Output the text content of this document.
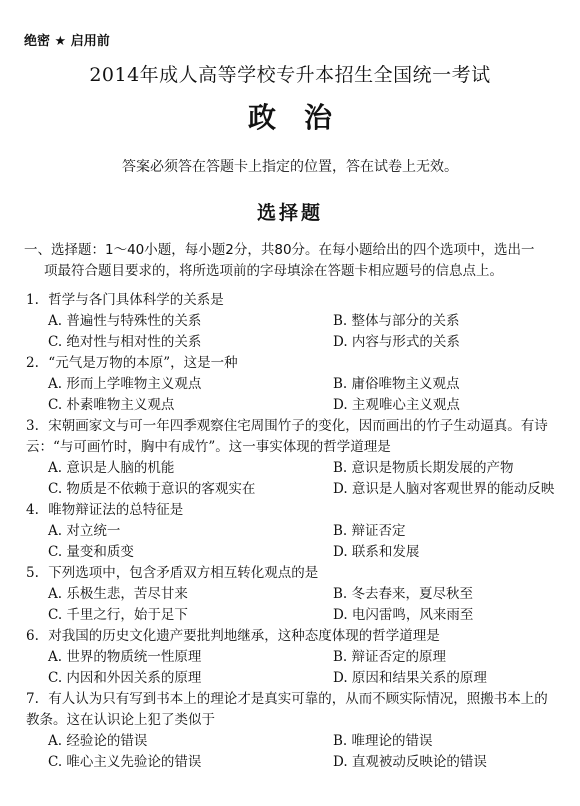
绝密 ★ 启用前
2014年成人高等学校专升本招生全国统一考试
政治
答案必须答在答题卡上指定的位置，答在试卷上无效。
选择题
一、选择题：1～40小题，每小题2分，共80分。在每小题给出的四个选项中，选出一
项最符合题目要求的，将所选项前的字母填涂在答题卡相应题号的信息点上。
1. 哲学与各门具体科学的关系是
A. 普遍性与特殊性的关系	B. 整体与部分的关系
C. 绝对性与相对性的关系	D. 内容与形式的关系
2. “元气是万物的本原”，这是一种
A. 形而上学唯物主义观点	B. 庸俗唯物主义观点
C. 朴素唯物主义观点	D. 主观唯心主义观点
3. 宋朝画家文与可一年四季观察住宅周围竹子的变化，因而画出的竹子生动逼真。有诗
云：“与可画竹时，胸中有成竹”。这一事实体现的哲学道理是
A. 意识是人脑的机能	B. 意识是物质长期发展的产物
C. 物质是不依赖于意识的客观实在	D. 意识是人脑对客观世界的能动反映
4. 唯物辩证法的总特征是
A. 对立统一	B. 辩证否定
C. 量变和质变	D. 联系和发展
5. 下列选项中，包含矛盾双方相互转化观点的是
A. 乐极生悲，苦尽甘来	B. 冬去春来，夏尽秋至
C. 千里之行，始于足下	D. 电闪雷鸣，风来雨至
6. 对我国的历史文化遗产要批判地继承，这种态度体现的哲学道理是
A. 世界的物质统一性原理	B. 辩证否定的原理
C. 内因和外因关系的原理	D. 原因和结果关系的原理
7. 有人认为只有写到书本上的理论才是真实可靠的，从而不顾实际情况，照搬书本上的
教条。这在认识论上犯了类似于
A. 经验论的错误	B. 唯理论的错误
C. 唯心主义先验论的错误	D. 直观被动反映论的错误
